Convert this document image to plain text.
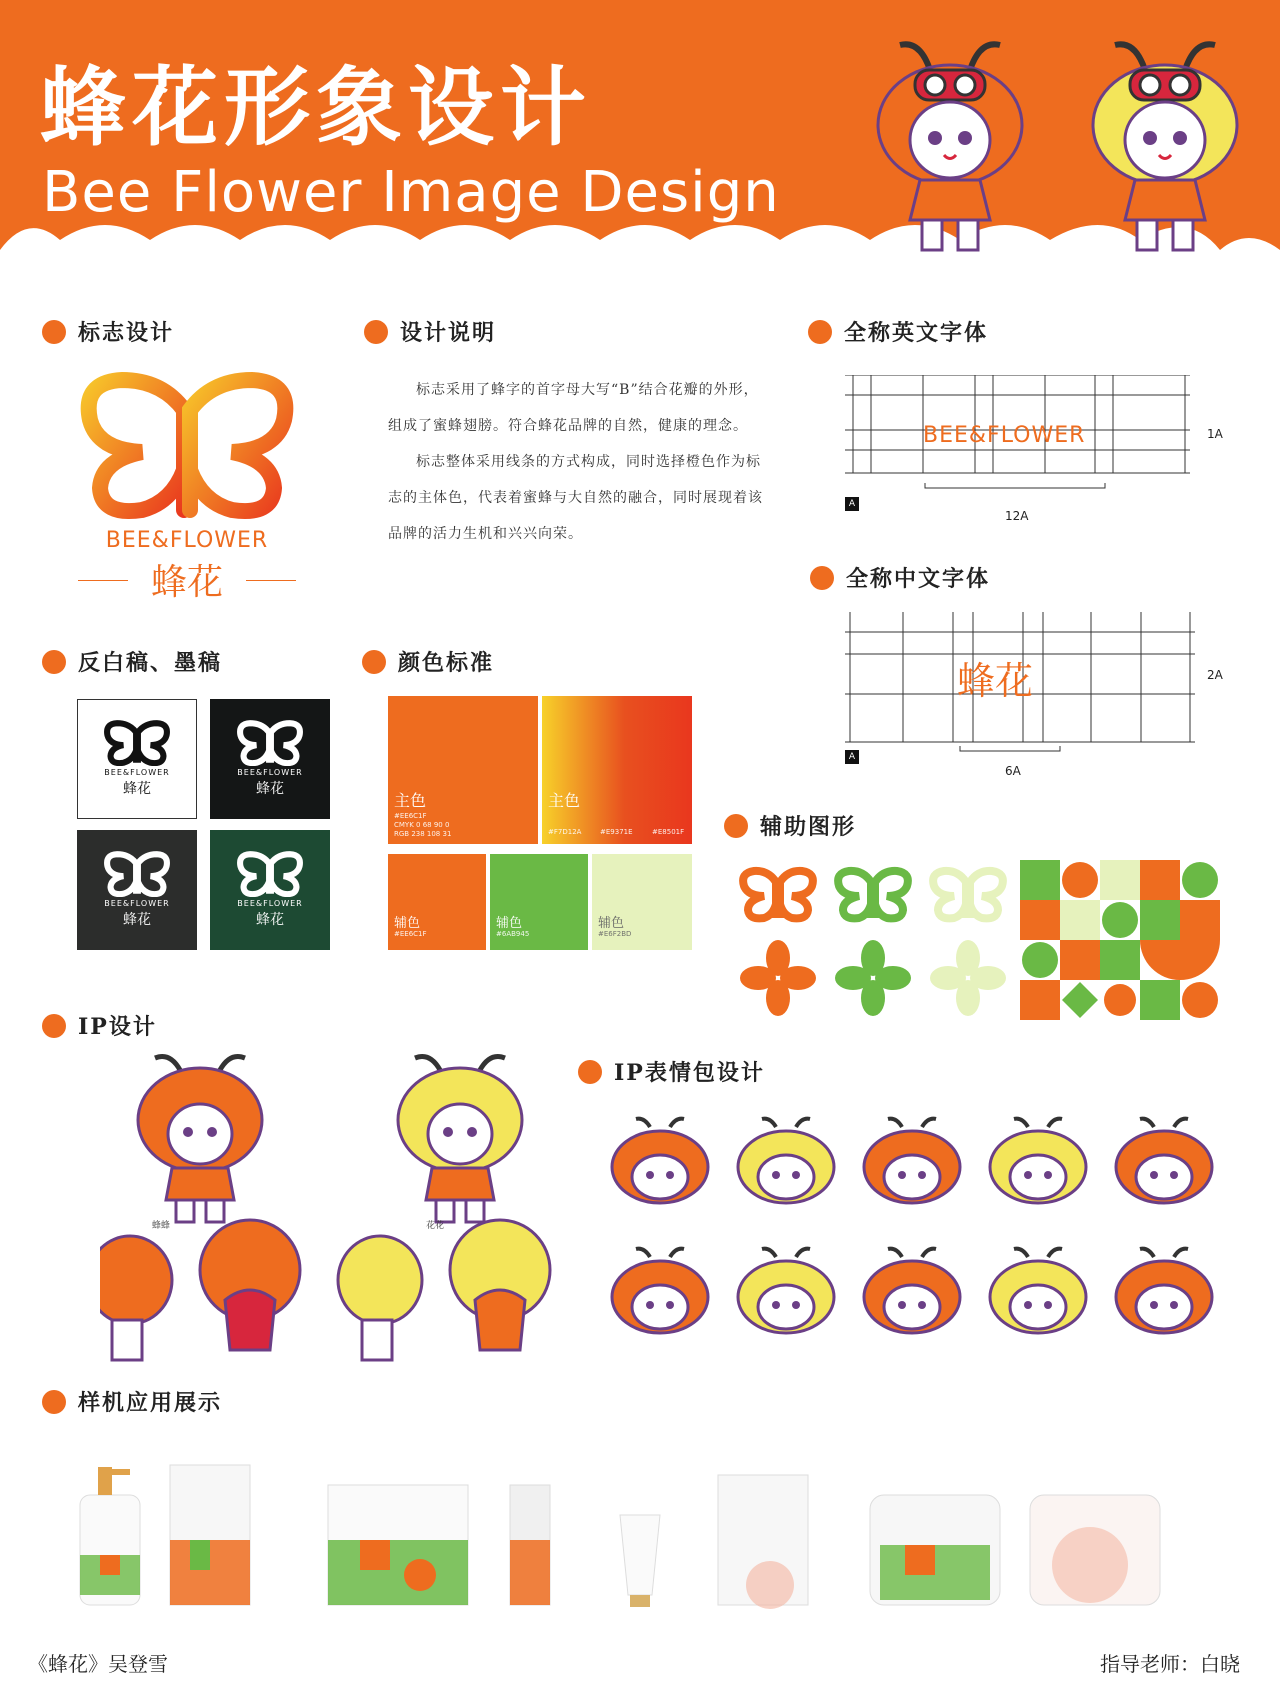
蜂花形象设计
Bee Flower Image Design
标志设计	设计说明	全称英文字体
全称中文字体
反白稿、墨稿	颜色标准
辅助图形
IP设计
IP表情包设计
样机应用展示
BEE&FLOWER
蜂花

标志采用了蜂字的首字母大写“B”结合花瓣的外形，组成了蜜蜂翅膀。符合蜂花品牌的自然，健康的理念。

标志整体采用线条的方式构成，同时选择橙色作为标志的主体色，代表着蜜蜂与大自然的融合，同时展现着该品牌的活力生机和兴兴向荣。

BEE&FLOWER	1A
12A
A
蜂花	2A
6A
A
BEE&FLOWER
蜂花
BEE&FLOWER
蜂花
BEE&FLOWER
蜂花
BEE&FLOWER
蜂花
主色
#EE6C1F
CMYK 0 68 90 0
RGB 238 108 31
主色
#F7D12A	#E9371E	#E8501F
辅色
#EE6C1F
辅色
#6AB945
辅色
#E6F2BD
蜂蜂	花花
《蜂花》吴登雪	指导老师：白晓
